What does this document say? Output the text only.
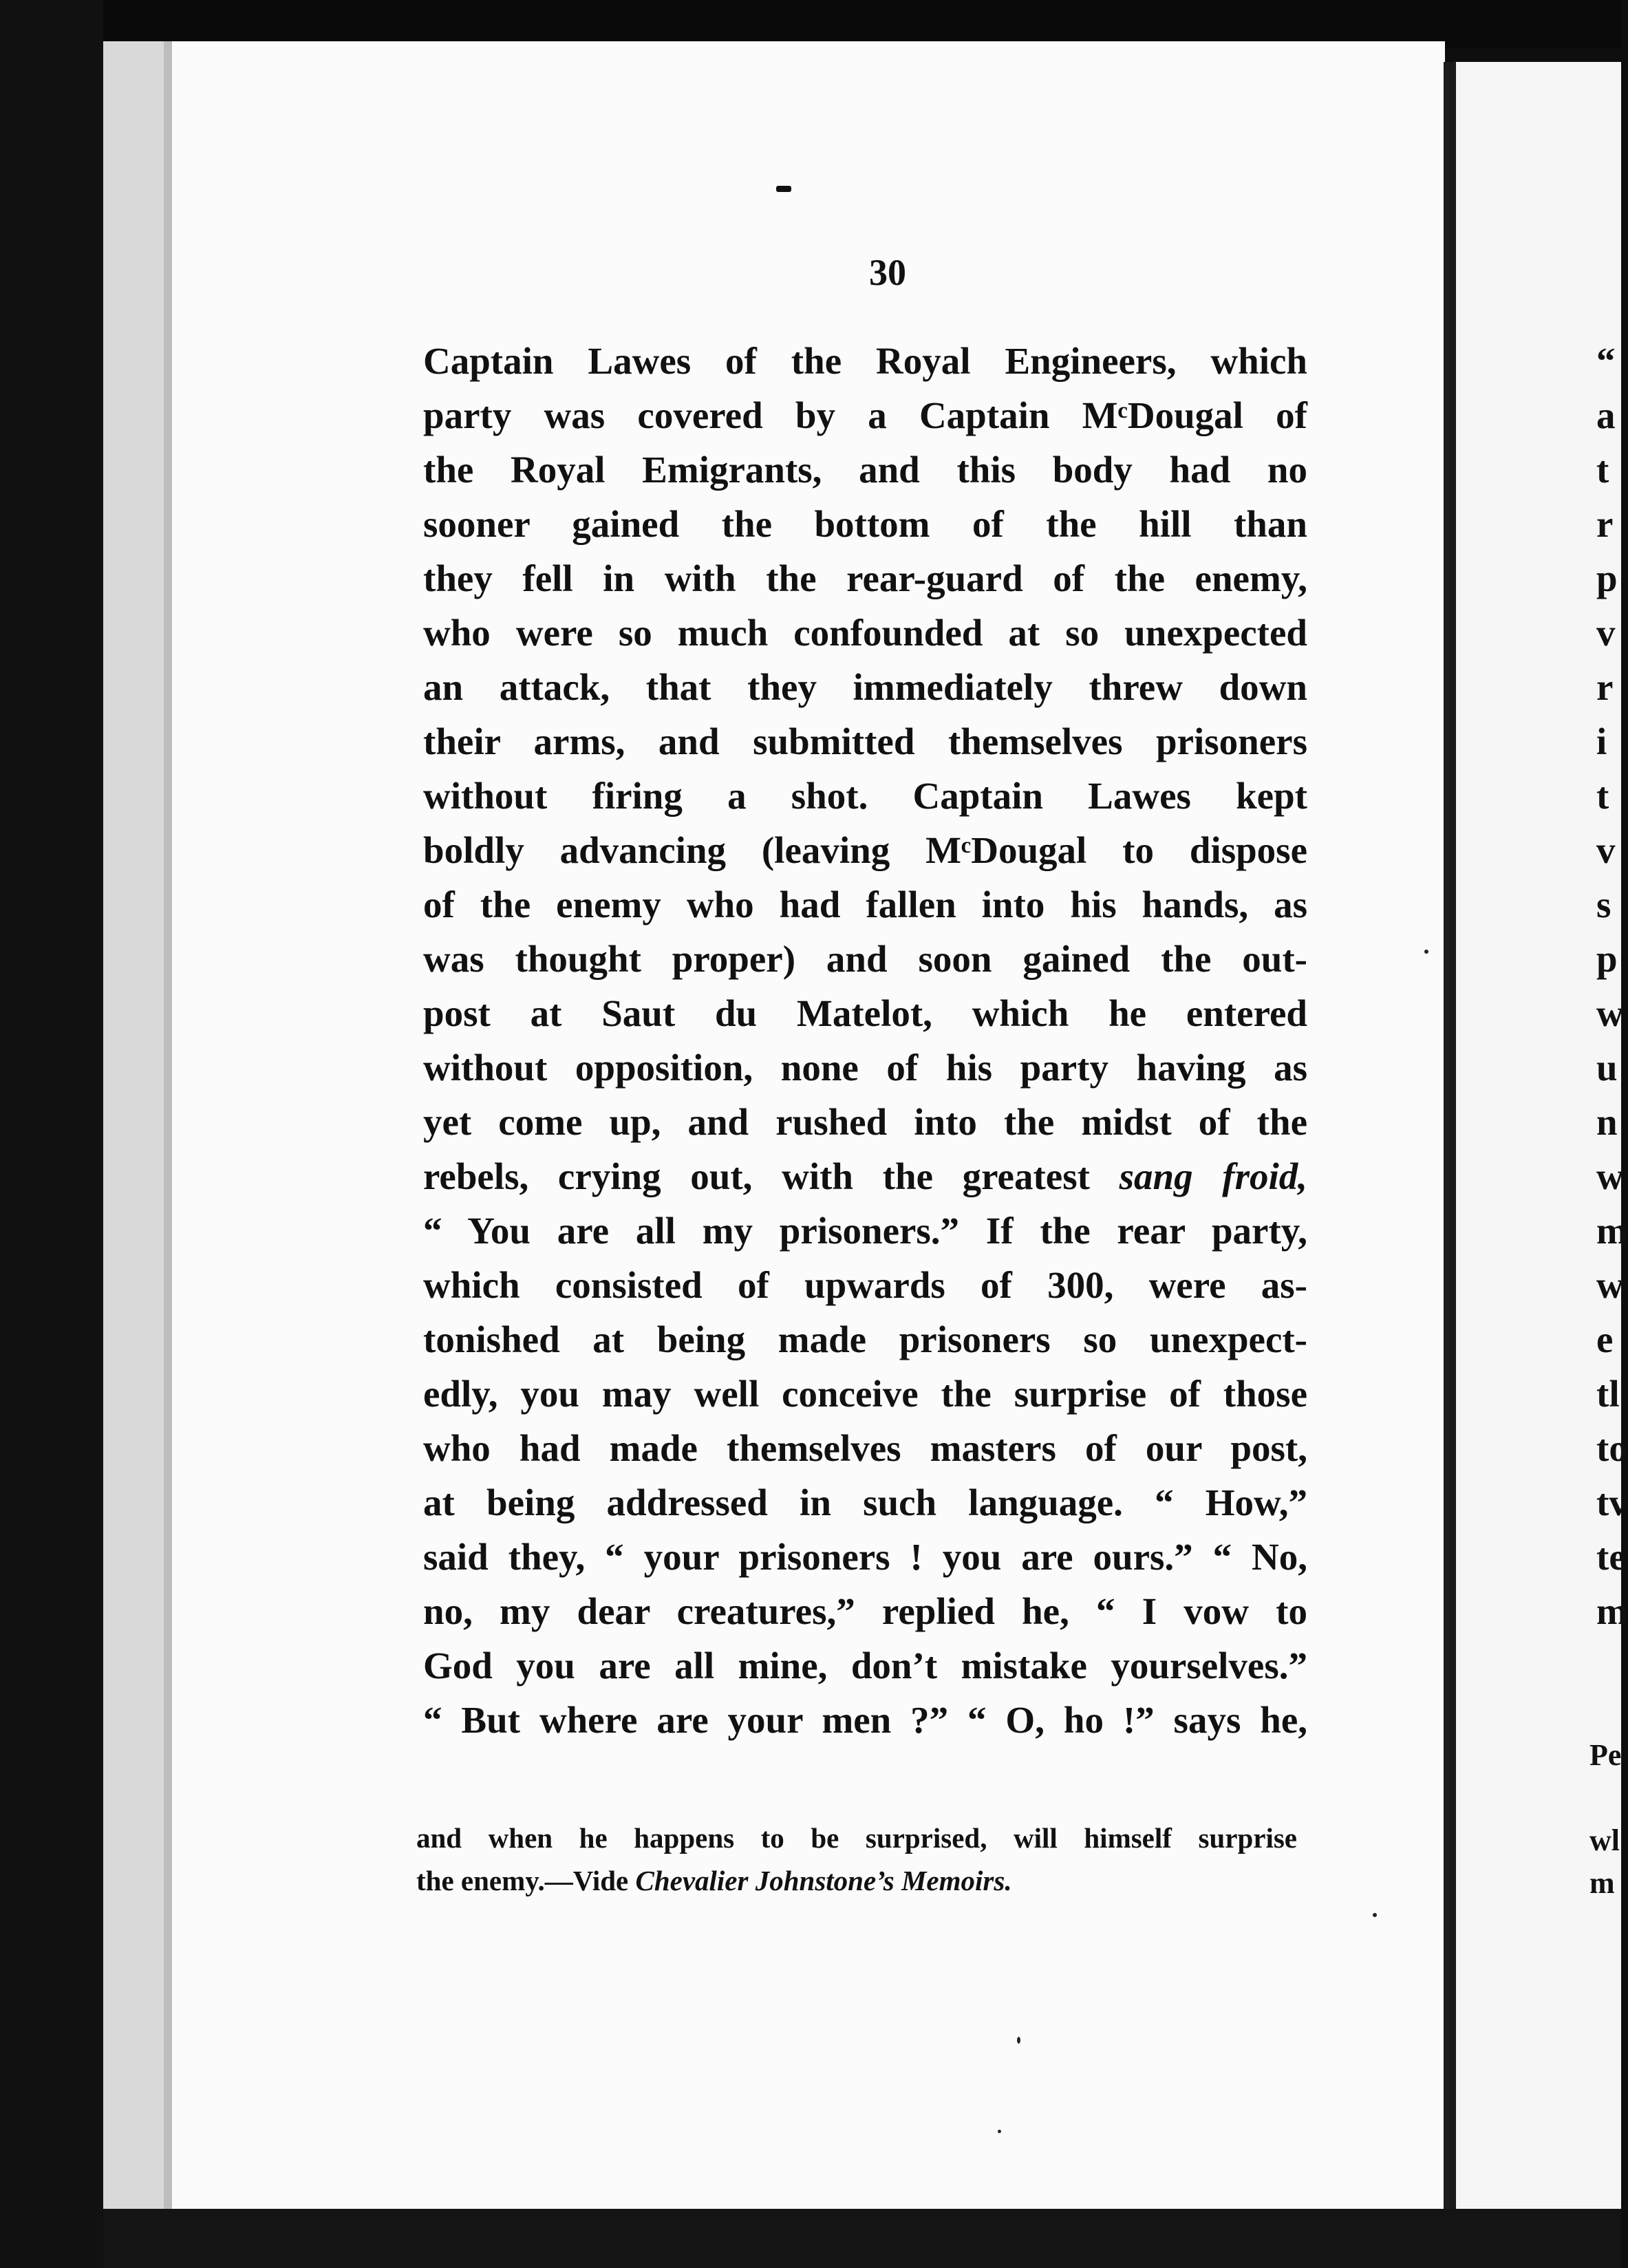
30
Captain Lawes of the Royal Engineers, which
party was covered by a Captain MᶜDougal of
the Royal Emigrants, and this body had no
sooner gained the bottom of the hill than
they fell in with the rear-guard of the enemy,
who were so much confounded at so unexpected
an attack, that they immediately threw down
their arms, and submitted themselves prisoners
without firing a shot. Captain Lawes kept
boldly advancing (leaving MᶜDougal to dispose
of the enemy who had fallen into his hands, as
was thought proper) and soon gained the out-
post at Saut du Matelot, which he entered
without opposition, none of his party having as
yet come up, and rushed into the midst of the
rebels, crying out, with the greatest sang froid,
“ You are all my prisoners.” If the rear party,
which consisted of upwards of 300, were as-
tonished at being made prisoners so unexpect-
edly, you may well conceive the surprise of those
who had made themselves masters of our post,
at being addressed in such language. “ How,”
said they, “ your prisoners ! you are ours.” “ No,
no, my dear creatures,” replied he, “ I vow to
God you are all mine, don’t mistake yourselves.”
“ But where are your men ?” “ O, ho !” says he,
and when he happens to be surprised, will himself surprise
the enemy.—Vide Chevalier Johnstone’s Memoirs.
“
a
t
r
p
v
r
i
t
v
s
p
w
u
n
w
m
w
e
tl
to
tv
te
m
Pe
wl
m
